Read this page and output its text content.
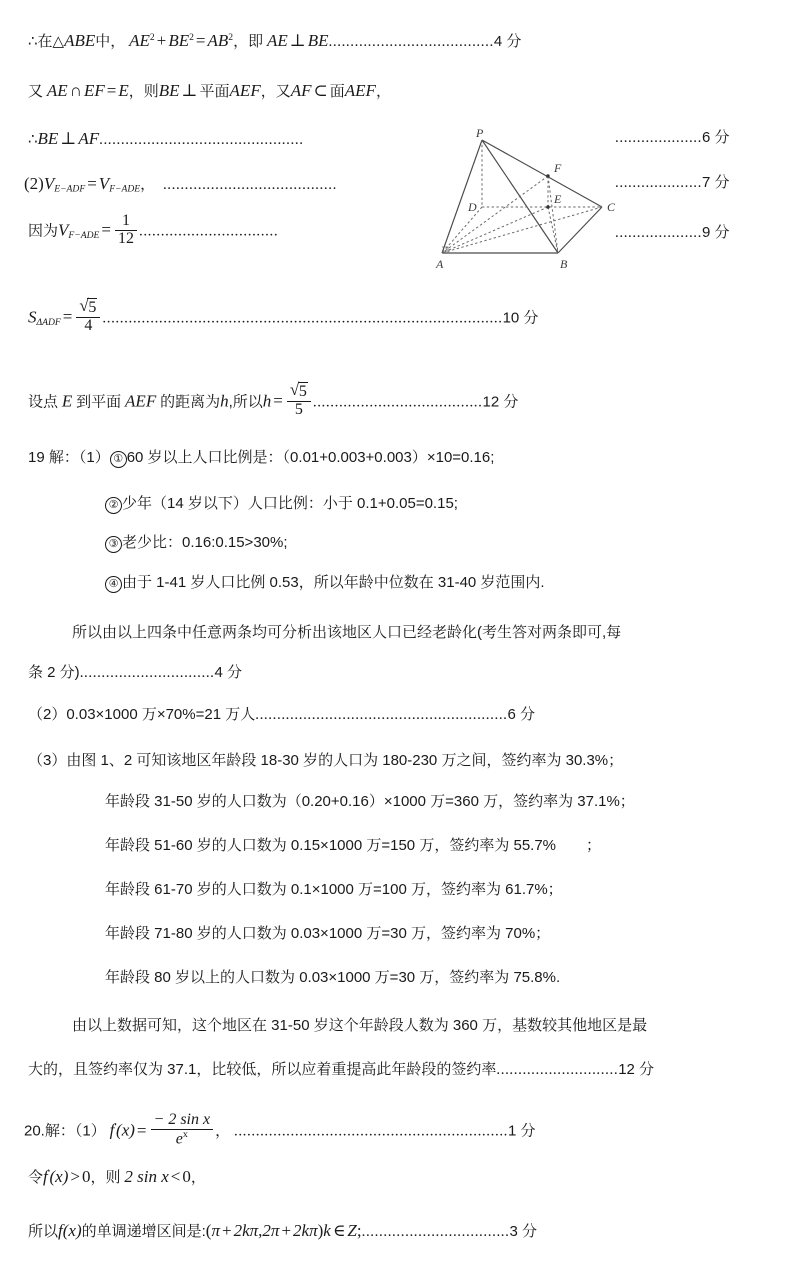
∴在△ABE中， $AE^2 + BE^2 = AB^2$，即 AE ⊥ BE......................................4 分
又 AE ∩ EF = E，则BE ⊥ 平面AEF，又AF ⊂ 面AEF，
∴BE ⊥ AF...............................................	....................6 分
$(2)V_{E-ADF} = V_{F-ADE}$， ........................................	....................7 分
因为$V_{F-ADE} = \frac{1}{12}$ ................................	....................9 分
P
F
D
E
C
A	B
$S_{\Delta ADF}$ = √ $\frac{5}{4} ............................................................................................10$ 分
设点 E 到平面 AEF 的距离为h,所以h = √ $\frac{5}{5} .......................................12$ 分
19 解：（1） ① 60 岁以上人口比例是：（0.01+0.003+0.003）×10=0.16;
② 少年（14 岁以下）人口比例：小于 0.1+0.05=0.15;
③ 老少比：0.16:0.15>30%;
④ 由于 1-41 岁人口比例 0.53，所以年龄中位数在 31-40 岁范围内.
所以由以上四条中任意两条均可分析出该地区人口已经老龄化(考生答对两条即可,每
条 2 分)...............................4 分
（2）0.03×1000 万×70%=21 万人..........................................................6 分
（3）由图 1、2 可知该地区年龄段 18-30 岁的人口为 180-230 万之间，签约率为 30.3%；
年龄段 31-50 岁的人口数为（0.20+0.16）×1000 万=360 万，签约率为 37.1%；
年龄段 51-60 岁的人口数为 0.15×1000 万=150 万，签约率为 55.7%　　；
年龄段 61-70 岁的人口数为 0.1×1000 万=100 万，签约率为 61.7%；
年龄段 71-80 岁的人口数为 0.03×1000 万=30 万，签约率为 70%；
年龄段 80 岁以上的人口数为 0.03×1000 万=30 万，签约率为 75.8%.
由以上数据可知，这个地区在 31-50 岁这个年龄段人数为 360 万，基数较其他地区是最
大的，且签约率仅为 37.1，比较低，所以应着重提高此年龄段的签约率............................12 分
20.解：（1） $f'(x) = \frac{\text{− 2 sin x}}{e^x}$ ， ...............................................................1 分
令f'(x) > 0，则 2 sin x < 0，
所以f(x)的单调递增区间是:(π + 2kπ,2π + 2kπ)k ∈ Z;..................................3 分
